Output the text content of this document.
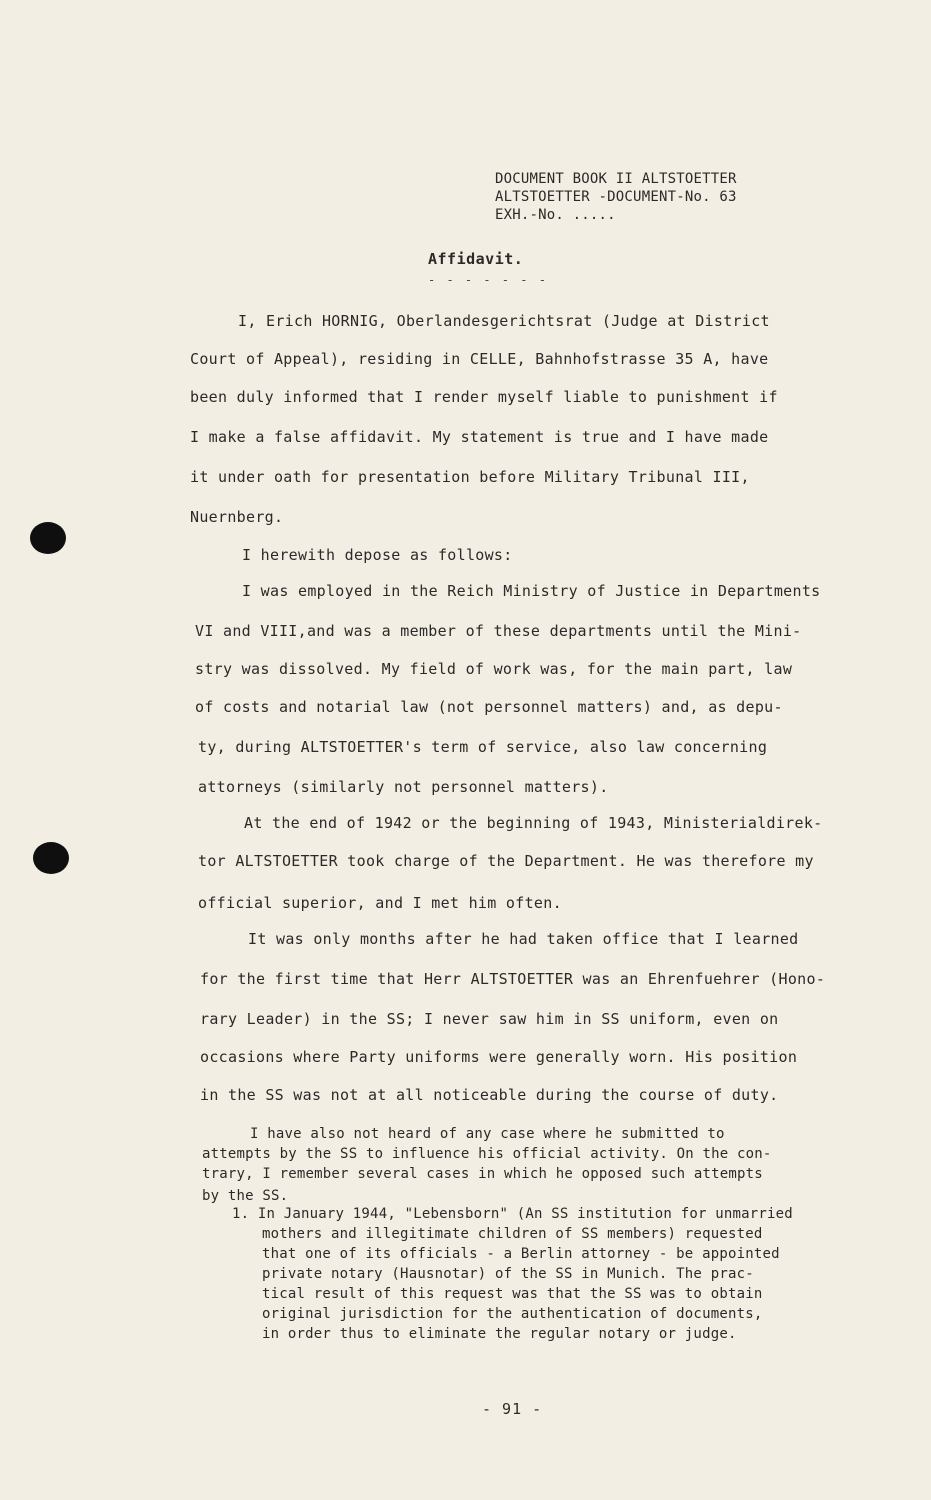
DOCUMENT BOOK II ALTSTOETTER
ALTSTOETTER -DOCUMENT-No. 63
EXH.-No. .....
Affidavit.
- - - - - - -
I, Erich HORNIG, Oberlandesgerichtsrat (Judge at District
Court of Appeal), residing in CELLE, Bahnhofstrasse 35 A, have
been duly informed that I render myself liable to punishment if
I make a false affidavit. My statement is true and I have made
it under oath for presentation before Military Tribunal III,
Nuernberg.
I herewith depose as follows:
I was employed in the Reich Ministry of Justice in Departments
VI and VIII,and was a member of these departments until the Mini-
stry was dissolved. My field of work was, for the main part, law
of costs and notarial law (not personnel matters) and, as depu-
ty, during ALTSTOETTER's term of service, also law concerning
attorneys (similarly not personnel matters).
At the end of 1942 or the beginning of 1943, Ministerialdirek-
tor ALTSTOETTER took charge of the Department. He was therefore my
official superior, and I met him often.
It was only months after he had taken office that I learned
for the first time that Herr ALTSTOETTER was an Ehrenfuehrer (Hono-
rary Leader) in the SS; I never saw him in SS uniform, even on
occasions where Party uniforms were generally worn. His position
in the SS was not at all noticeable during the course of duty.
I have also not heard of any case where he submitted to
attempts by the SS to influence his official activity. On the con-
trary, I remember several cases in which he opposed such attempts
by the SS.
1. In January 1944, "Lebensborn" (An SS institution for unmarried
mothers and illegitimate children of SS members) requested
that one of its officials - a Berlin attorney - be appointed
private notary (Hausnotar) of the SS in Munich. The prac-
tical result of this request was that the SS was to obtain
original jurisdiction for the authentication of documents,
in order thus to eliminate the regular notary or judge.
- 91 -
